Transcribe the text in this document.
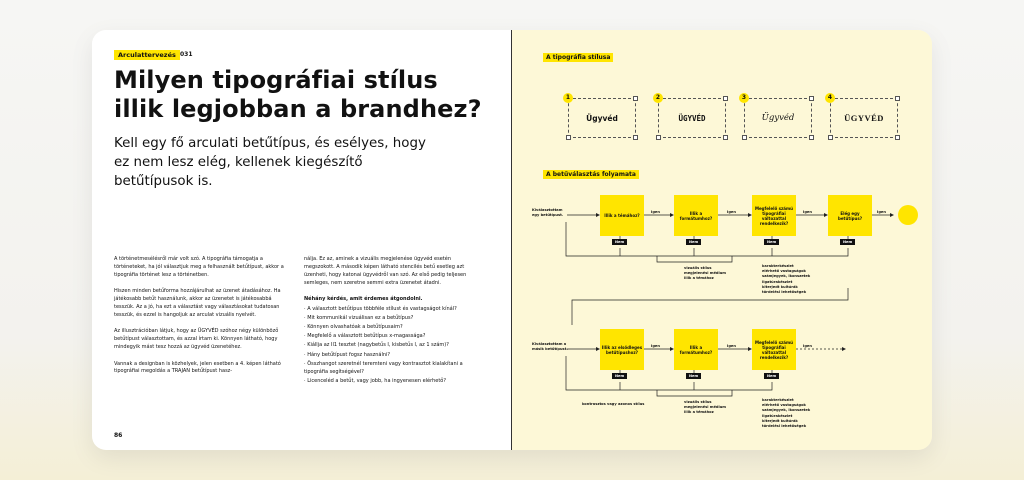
Arculattervezés 031
Milyen tipográfiai stílus illik legjobban a brandhez?

Kell egy fő arculati betűtípus, és esélyes, hogy ez nem lesz elég, kellenek kiegészítő betűtípusok is.

A történetmesélésről már volt szó. A tipográfia támogatja a történeteket, ha jól választjuk meg a felhasznált betűtípust, akkor a tipográfia történet lesz a történetben.

Hiszen minden betűforma hozzájárulhat az üzenet átadásához. Ha játékosabb betűt használunk, akkor az üzenetet is játékosabbá tesszük. Az a jó, ha ezt a választást vagy választásokat tudatosan tesszük, és ezzel is hangoljuk az arculat vizuális nyelvét.

Az illusztrációban látjuk, hogy az ÜGYVÉD szóhoz négy különböző betűtípust választottam, és azzal írtam ki. Könnyen látható, hogy mindegyik mást tesz hozzá az ügyvéd üzenetéhez.

Vannak a designban is közhelyek, jelen esetben a 4. képen látható tipográfiai megoldás a TRAJAN betűtípust hasz-

nálja. Ez az, aminek a vizuális megjelenése ügyvéd esetén megszokott. A második képen látható stencilés betű esetleg azt üzenheti, hogy katonai ügyvédről van szó. Az első pedig teljesen semleges, nem szeretne semmi extra üzenetet átadni.

Néhány kérdés, amit érdemes átgondolni.

· A választott betűtípus többféle stílust és vastagságot kínál?
· Mit kommunikál vizuálisan ez a betűtípus?
· Könnyen olvashatóak a betűtípusaim?
· Megfelelő a választott betűtípus x-magassága?
· Kiállja az Il1 tesztet (nagybetűs I, kisbetűs l, az 1 szám)?
· Hány betűtípust fogsz használni?
· Összhangot szeretnél teremteni vagy kontrasztot kialakítani a tipográfia segítségével?
· Licenceléd a betűt, vagy jobb, ha ingyenesen elérhető?
86
A tipográfia stílusa
Ügyvéd
1
ÜGYVÉD
2
Ügyvéd
3
ÜGYVÉD
4
A betűválasztás folyamata
Kiválasztottam egy betűtípust.	Illik a témához?	Illik a formátumhoz?
Megfelelő számú tipográfiai változattal rendelkezik?
Elég egy betűtípus?
Igen	Igen	Igen	Igen
Nem	Nem	Nem	Nem
vizuális stílus
megjelenési médium
illik a témához
karakterkészlet
elérhető vastagságok
számjegyek, ikonszetek
ligatúrakészlet
kiterjedt kultúrák
tördelési lehetőségek
Kiválasztottam a másik betűtípust.	Illik az elsődleges betűtípushoz?
Illik a formátumhoz?
Megfelelő számú tipográfiai változattal rendelkezik?
Igen	Igen	Igen
Nem	Nem	Nem
kontrasztos vagy azonos stílus	vizuális stílus
megjelenési médium
illik a témához
karakterkészlet
elérhető vastagságok
számjegyek, ikonszetek
ligatúrakészlet
kiterjedt kultúrák
tördelési lehetőségek
